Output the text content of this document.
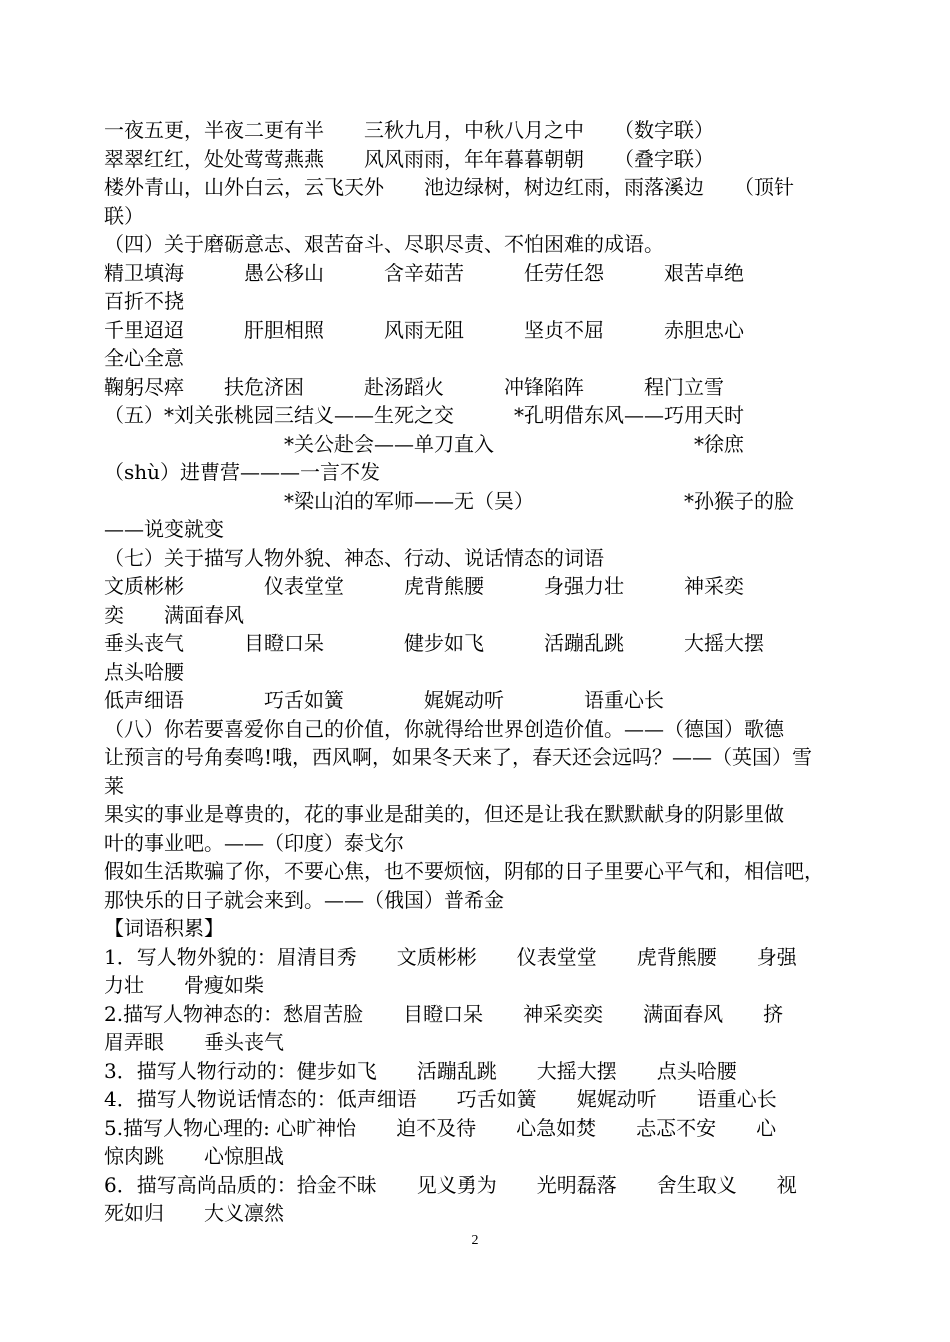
一夜五更，半夜二更有半　　三秋九月，中秋八月之中　　（数字联）
翠翠红红，处处莺莺燕燕　　风风雨雨，年年暮暮朝朝　　（叠字联）
楼外青山，山外白云，云飞天外　　池边绿树，树边红雨，雨落溪边　　（顶针
联）
（四）关于磨砺意志、艰苦奋斗、尽职尽责、不怕困难的成语。
精卫填海　　　愚公移山　　　含辛茹苦　　　任劳任怨　　　艰苦卓绝
百折不挠
千里迢迢　　　肝胆相照　　　风雨无阻　　　坚贞不屈　　　赤胆忠心
全心全意
鞠躬尽瘁　　扶危济困　　　赴汤蹈火　　　冲锋陷阵　　　程门立雪
（五）*刘关张桃园三结义——生死之交　　　*孔明借东风——巧用天时
　　　　　　　　　*关公赴会——单刀直入　　　　　　　　　　*徐庶
（shù）进曹营———一言不发
　　　　　　　　　*梁山泊的军师——无（吴）　　　　　　　　*孙猴子的脸
——说变就变
（七）关于描写人物外貌、神态、行动、说话情态的词语
文质彬彬　　　　仪表堂堂　　　虎背熊腰　　　身强力壮　　　神采奕
奕　　满面春风
垂头丧气　　　目瞪口呆　　　　健步如飞　　　活蹦乱跳　　　大摇大摆
点头哈腰
低声细语　　　　巧舌如簧　　　　娓娓动听　　　　语重心长
（八）你若要喜爱你自己的价值，你就得给世界创造价值。——（德国）歌德
让预言的号角奏鸣!哦，西风啊，如果冬天来了，春天还会远吗？——（英国）雪
莱
果实的事业是尊贵的，花的事业是甜美的，但还是让我在默默献身的阴影里做
叶的事业吧。——（印度）泰戈尔
假如生活欺骗了你，不要心焦，也不要烦恼，阴郁的日子里要心平气和，相信吧，
那快乐的日子就会来到。——（俄国）普希金
【词语积累】
1．写人物外貌的：眉清目秀　　文质彬彬　　仪表堂堂　　虎背熊腰　　身强
力壮　　骨瘦如柴
2.描写人物神态的：愁眉苦脸　　目瞪口呆　　神采奕奕　　满面春风　　挤
眉弄眼　　垂头丧气
3．描写人物行动的：健步如飞　　活蹦乱跳　　大摇大摆　　点头哈腰
4．描写人物说话情态的：低声细语　　巧舌如簧　　娓娓动听　　语重心长
5.描写人物心理的: 心旷神怡　　迫不及待　　心急如焚　　忐忑不安　　心
惊肉跳　　心惊胆战
6．描写高尚品质的：拾金不昧　　见义勇为　　光明磊落　　舍生取义　　视
死如归　　大义凛然
2
